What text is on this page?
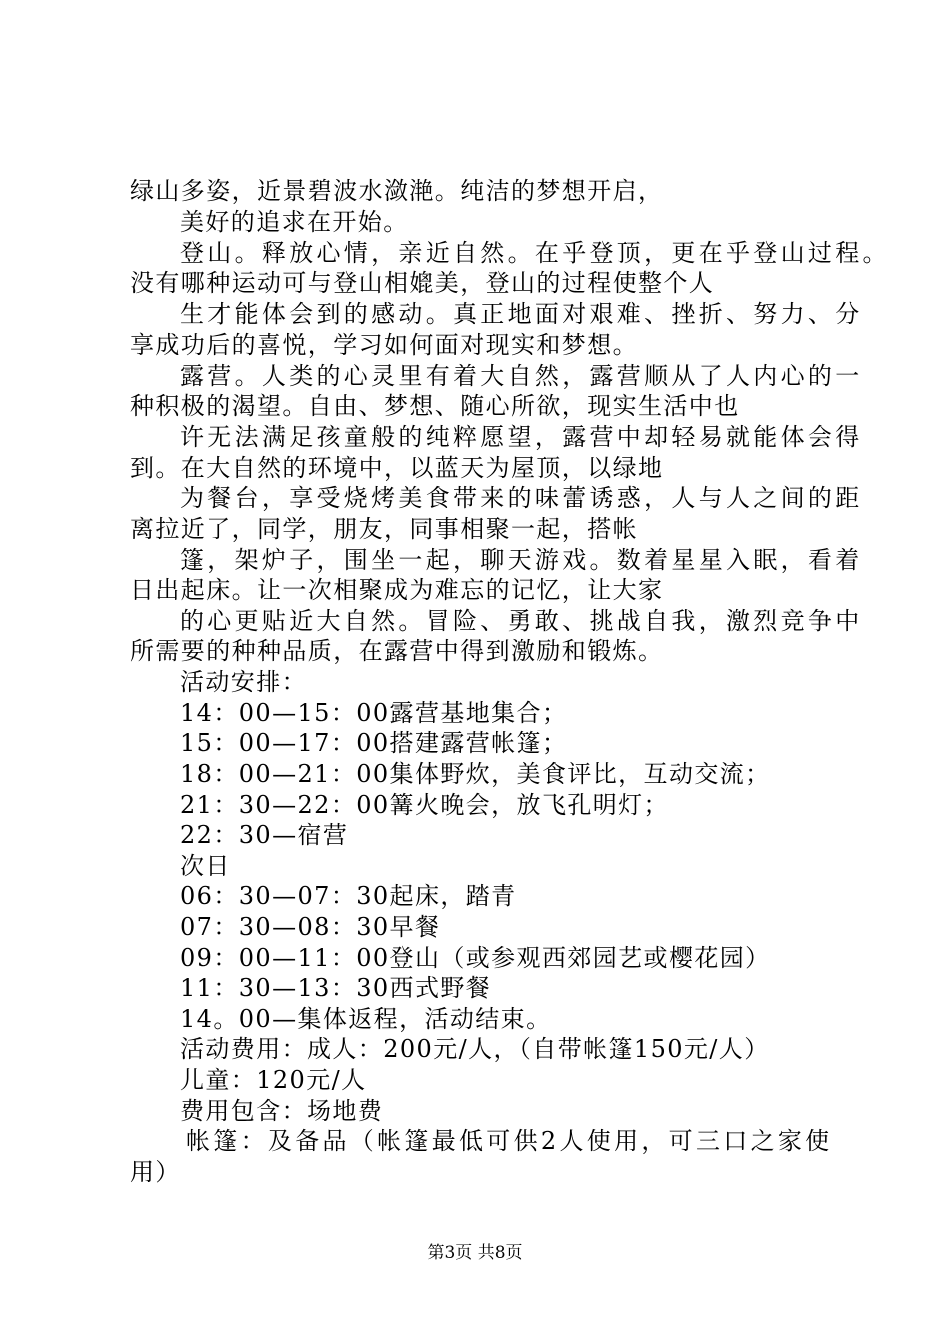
绿山多姿，近景碧波水潋滟。纯洁的梦想开启，
美好的追求在开始。
登山。释放心情，亲近自然。在乎登顶，更在乎登山过程。
没有哪种运动可与登山相媲美，登山的过程使整个人
生才能体会到的感动。真正地面对艰难、挫折、努力、分
享成功后的喜悦，学习如何面对现实和梦想。
露营。人类的心灵里有着大自然，露营顺从了人内心的一
种积极的渴望。自由、梦想、随心所欲，现实生活中也
许无法满足孩童般的纯粹愿望，露营中却轻易就能体会得
到。在大自然的环境中，以蓝天为屋顶，以绿地
为餐台，享受烧烤美食带来的味蕾诱惑，人与人之间的距
离拉近了，同学，朋友，同事相聚一起，搭帐
篷，架炉子，围坐一起，聊天游戏。数着星星入眠，看着
日出起床。让一次相聚成为难忘的记忆，让大家
的心更贴近大自然。冒险、勇敢、挑战自我，激烈竞争中
所需要的种种品质，在露营中得到激励和锻炼。
活动安排：
14：00—15：00露营基地集合；
15：00—17：00搭建露营帐篷；
18：00—21：00集体野炊，美食评比，互动交流；
21：30—22：00篝火晚会，放飞孔明灯；
22：30—宿营
次日
06：30—07：30起床，踏青
07：30—08：30早餐
09：00—11：00登山（或参观西郊园艺或樱花园）
11：30—13：30西式野餐
14。00—集体返程，活动结束。
活动费用：成人：200元/人，（自带帐篷150元/人）
儿童：120元/人
费用包含：场地费
帐篷：及备品（帐篷最低可供2人使用，可三口之家使
用）
第3页 共8页
